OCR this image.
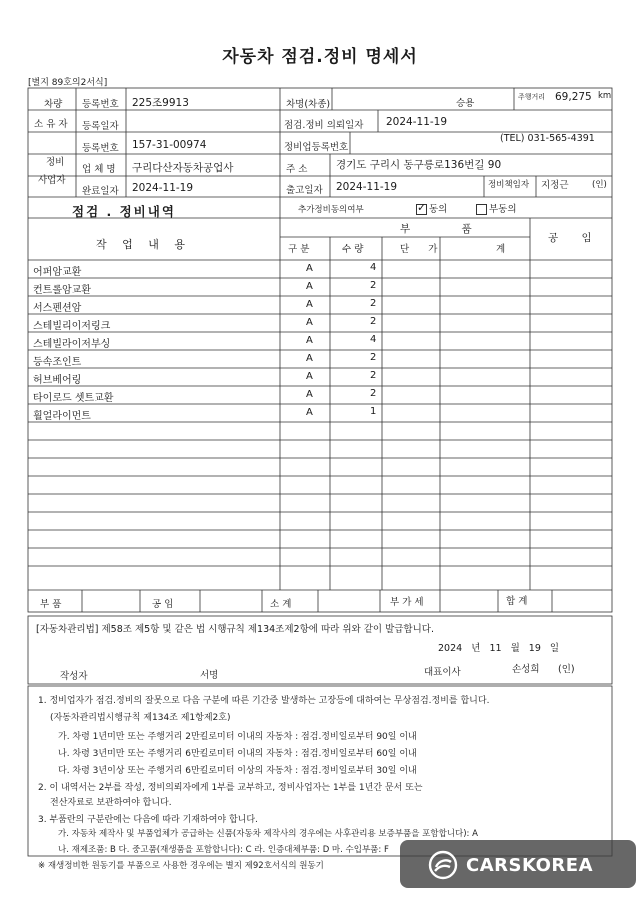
자동차 점검.정비 명세서
[별지 89호의2서식]
차량
소 유 자
등록번호 225조9913
등록일자
차명(차종)	승용
주행거리 69,275 km
점검.정비 의뢰일자 2024-11-19
정비
사업자
등록번호 157-31-00974	정비업등록번호
(TEL) 031-565-4391
업 체 명 구리다산자동차공업사	주 소	경기도 구리시 동구릉로136번길 90
완료일자 2024-11-19	출고일자 2024-11-19	정비책임자 지정근	(인)
점검 . 정비내역	추가정비동의여부
✓	동의	부동의
작 업 내 용
부 품
공 임
구 분	수 량	단 가	계
어퍼암교환	A	4
컨트롤암교환	A	2
서스펜션암	A	2
스테빌리이저링크	A	2
스테빌라이저부싱	A	4
등속조인트	A	2
허브베어링	A	2
타이로드 셋트교환	A	2
휠얼라이먼트	A	1
부 품	공 임	소 계	부 가 세	합 계
[자동차관리법] 제58조 제5항 및 같은 법 시행규칙 제134조제2항에 따라 위와 같이 발급합니다.
2024 년 11 월 19 일
작성자	서명	대표이사	손성희 (인)
1. 정비업자가 점검.정비의 잘못으로 다음 구분에 따른 기간중 발생하는 고장등에 대하여는 무상점검.정비를 합니다.
(자동차관리법시행규칙 제134조 제1항제2호)
가. 차령 1년미만 또는 주행거리 2만킬로미터 이내의 자동차 : 점검.정비일로부터 90일 이내
나. 차령 3년미만 또는 주행거리 6만킬로미터 이내의 자동차 : 점검.정비일로부터 60일 이내
다. 차령 3년이상 또는 주행거리 6만킬로미터 이상의 자동차 : 점검.정비일로부터 30일 이내
2. 이 내역서는 2부를 작성, 정비의뢰자에게 1부를 교부하고, 정비사업자는 1부를 1년간 문서 또는
전산자료로 보관하여야 합니다.
3. 부품란의 구분란에는 다음에 따라 기재하여야 합니다.
가. 자동차 제작사 및 부품업체가 공급하는 신품(자동차 제작사의 경우에는 사후관리용 보증부품을 포함합니다): A
나. 재제조품: B 다. 중고품(재생품을 포함합니다): C 라. 인증대체부품: D 마. 수입부품: F
※ 재생정비한 원동기를 부품으로 사용한 경우에는 별지 제92호서식의 원동기	CARSKOREA
